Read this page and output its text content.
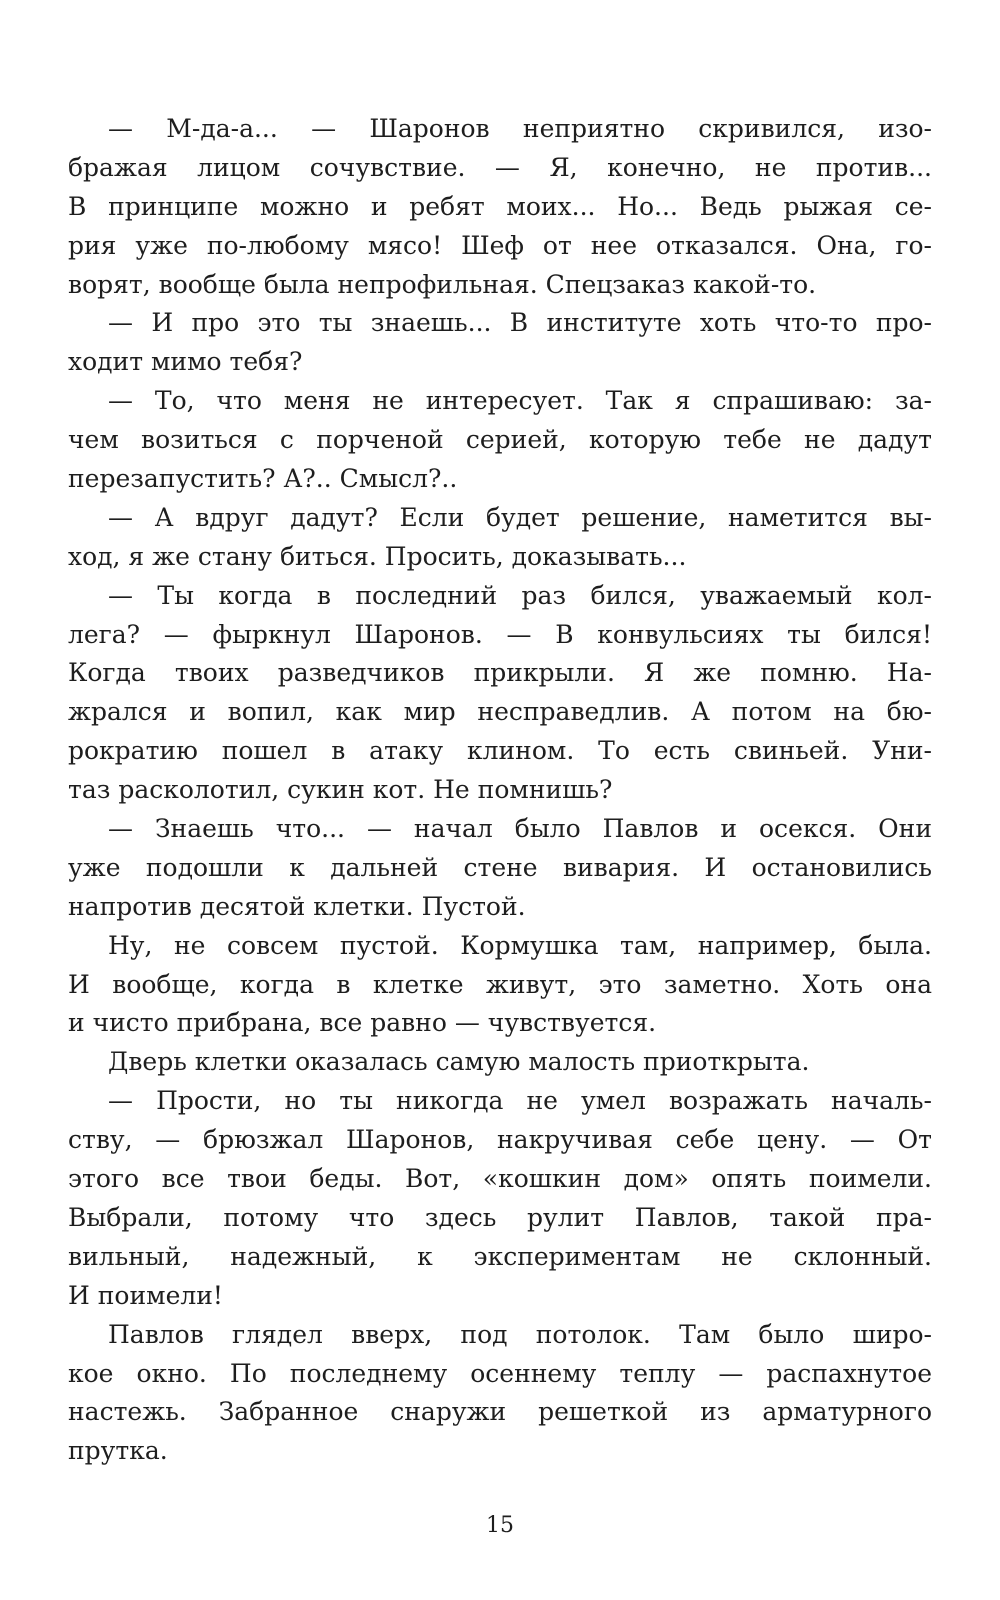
— М-да-а... — Шаронов неприятно скривился, изо-
бражая лицом сочувствие. — Я, конечно, не против...
В принципе можно и ребят моих... Но... Ведь рыжая се-
рия уже по-любому мясо! Шеф от нее отказался. Она, го-
ворят, вообще была непрофильная. Спецзаказ какой-то.
— И про это ты знаешь... В институте хоть что-то про-
ходит мимо тебя?
— То, что меня не интересует. Так я спрашиваю: за-
чем возиться с порченой серией, которую тебе не дадут
перезапустить? А?.. Смысл?..
— А вдруг дадут? Если будет решение, наметится вы-
ход, я же стану биться. Просить, доказывать...
— Ты когда в последний раз бился, уважаемый кол-
лега? — фыркнул Шаронов. — В конвульсиях ты бился!
Когда твоих разведчиков прикрыли. Я же помню. На-
жрался и вопил, как мир несправедлив. А потом на бю-
рократию пошел в атаку клином. То есть свиньей. Уни-
таз расколотил, сукин кот. Не помнишь?
— Знаешь что... — начал было Павлов и осекся. Они
уже подошли к дальней стене вивария. И остановились
напротив десятой клетки. Пустой.
Ну, не совсем пустой. Кормушка там, например, была.
И вообще, когда в клетке живут, это заметно. Хоть она
и чисто прибрана, все равно — чувствуется.
Дверь клетки оказалась самую малость приоткрыта.
— Прости, но ты никогда не умел возражать началь-
ству, — брюзжал Шаронов, накручивая себе цену. — От
этого все твои беды. Вот, «кошкин дом» опять поимели.
Выбрали, потому что здесь рулит Павлов, такой пра-
вильный, надежный, к экспериментам не склонный.
И поимели!
Павлов глядел вверх, под потолок. Там было широ-
кое окно. По последнему осеннему теплу — распахнутое
настежь. Забранное снаружи решеткой из арматурного
прутка.
15
